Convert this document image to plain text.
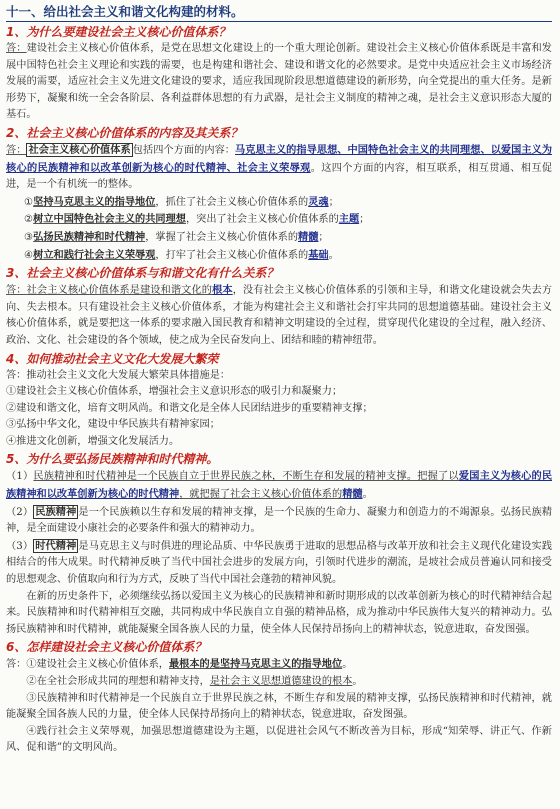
十一、给出社会主义和谐文化构建的材料。
1、为什么要建设社会主义核心价值体系？

答：建设社会主义核心价值体系，是党在思想文化建设上的一个重大理论创新。建设社会主义核心价值体系既是丰富和发展中国特色社会主义理论和实践的需要，也是构建和谐社会、建设和谐文化的必然要求。是党中央适应社会主义市场经济发展的需要，适应社会主义先进文化建设的要求，适应我国现阶段思想道德建设的新形势，向全党提出的重大任务。是新形势下，凝聚和统一全会各阶层、各利益群体思想的有力武器，是社会主义制度的精神之魂，是社会主义意识形态大厦的基石。

2、社会主义核心价值体系的内容及其关系？

答： 社会主义核心价值体系 包括四个方面的内容：马克思主义的指导思想、中国特色社会主义的共同理想、以爱国主义为核心的民族精神和以改革创新为核心的时代精神、社会主义荣辱观。这四个方面的内容，相互联系，相互贯通、相互促进，是一个有机统一的整体。

①坚持马克思主义的指导地位，抓住了社会主义核心价值体系的灵魂；

②树立中国特色社会主义的共同理想，突出了社会主义核心价值体系的主题；

③弘扬民族精神和时代精神，掌握了社会主义核心价值体系的精髓；

④树立和践行社会主义荣辱观，打牢了社会主义核心价值体系的基础。

3、社会主义核心价值体系与和谐文化有什么关系？

答：社会主义核心价值体系是建设和谐文化的根本，没有社会主义核心价值体系的引领和主导，和谐文化建设就会失去方向、失去根本。只有建设社会主义核心价值体系，才能为构建社会主义和谐社会打牢共同的思想道德基础。建设社会主义核心价值体系，就是要把这一体系的要求融入国民教育和精神文明建设的全过程，贯穿现代化建设的全过程，融入经济、政治、文化、社会建设的各个领域，使之成为全民奋发向上、团结和睦的精神纽带。

4、如何推动社会主义文化大发展大繁荣

答：推动社会主义文化大发展大繁荣具体措施是：

①建设社会主义核心价值体系，增强社会主义意识形态的吸引力和凝聚力；

②建设和谐文化，培育文明风尚。和谐文化是全体人民团结进步的重要精神支撑；

③弘扬中华文化，建设中华民族共有精神家园；

④推进文化创新，增强文化发展活力。

5、为什么要弘扬民族精神和时代精神。

（1）民族精神和时代精神是一个民族自立于世界民族之林，不断生存和发展的精神支撑。把握了以爱国主义为核心的民族精神和以改革创新为核心的时代精神，就把握了社会主义核心价值体系的精髓。

（2） 民族精神 是一个民族赖以生存和发展的精神支撑，是一个民族的生命力、凝聚力和创造力的不竭源泉。弘扬民族精神，是全面建设小康社会的必要条件和强大的精神动力。

（3） 时代精神 是马克思主义与时俱进的理论品质、中华民族勇于进取的思想品格与改革开放和社会主义现代化建设实践相结合的伟大成果。时代精神反映了当代中国社会进步的发展方向，引领时代进步的潮流，是坡社会成员普遍认同和接受的思想观念、价值取向和行为方式，反映了当代中国社会蓬勃的精神风貌。

在新的历史条件下，必须继续弘扬以爱国主义为核心的民族精神和新时期形成的以改革创新为核心的时代精神结合起来。民族精神和时代精神相互交融，共同构成中华民族自立自强的精神品格，成为推动中华民族伟大复兴的精神动力。弘扬民族精神和时代精神，就能凝聚全国各族人民的力量，使全体人民保持昂扬向上的精神状态，锐意进取，奋发图强。

6、怎样建设社会主义核心价值体系？

答：①建设社会主义核心价值体系，最根本的是坚持马克思主义的指导地位。

②在全社会形成共同的理想和精神支持，是社会主义思想道德建设的根本。

③民族精神和时代精神是一个民族自立于世界民族之林，不断生存和发展的精神支撑，弘扬民族精神和时代精神，就能凝聚全国各族人民的力量，使全体人民保持昂扬向上的精神状态，锐意进取，奋发图强。

④践行社会主义荣辱观，加强思想道德建设为主题，以促进社会风气不断改善为目标，形成“知荣辱、讲正气、作新风、促和谐”的文明风尚。
